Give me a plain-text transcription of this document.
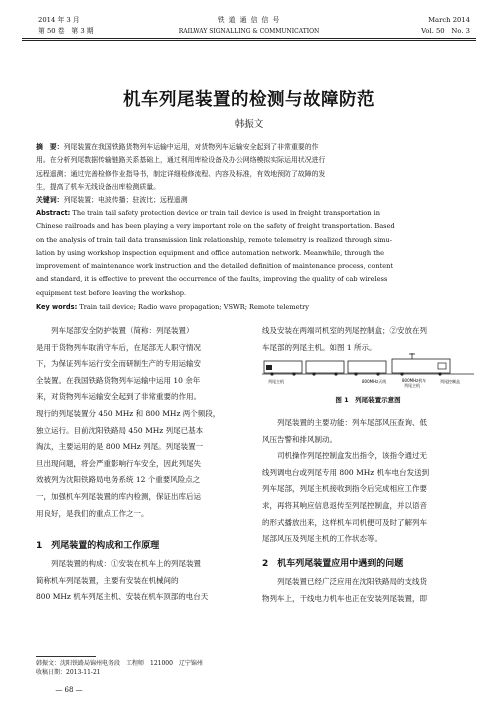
2014 年 3 月
第 50 卷　第 3 期
铁 道 通 信 信 号
RAILWAY SIGNALLING & COMMUNICATION
March 2014
Vol. 50　No. 3
机车列尾装置的检测与故障防范
韩振文
摘　要：列尾装置在我国铁路货物列车运输中运用，对货物列车运输安全起到了非常重要的作
用。在分析列尾数据传输链路关系基础上，通过利用库检设备及办公网络模拟实际运用状况进行
远程遥测；通过完善检修作业指导书，制定详细检修流程、内容及标准，有效地预防了故障的发
生，提高了机车无线设备出库检测质量。
关键词：列尾装置；电波传播；驻波比；远程遥测
Abstract: The train tail safety protection device or train tail device is used in freight transportation in
Chinese railroads and has been playing a very important role on the safety of freight transportation. Based
on the analysis of train tail data transmission link relationship, remote telemetry is realized through simu-
lation by using workshop inspection equipment and office automation network. Meanwhile, through the
improvement of maintenance work instruction and the detailed definition of maintenance process, content
and standard, it is effective to prevent the occurrence of the faults, improving the quality of cab wireless
equipment test before leaving the workshop.
Key words: Train tail device; Radio wave propagation; VSWR; Remote telemetry
列车尾部安全防护装置（简称：列尾装置）
是用于货物列车取消守车后，在尾部无人职守情况
下，为保证列车运行安全而研制生产的专用运输安
全装置。在我国铁路货物列车运输中运用 10 余年
来，对货物列车运输安全起到了非常重要的作用。
现行的列尾装置分 450 MHz 和 800 MHz 两个频段，
独立运行。目前沈阳铁路局 450 MHz 列尾已基本
淘汰，主要运用的是 800 MHz 列尾。列尾装置一
旦出现问题，将会严重影响行车安全，因此列尾失
效被列为沈阳铁路局电务系统 12 个重要风险点之
一，加强机车列尾装置的库内检测，保证出库后运
用良好，是我们的重点工作之一。
1　列尾装置的构成和工作原理
列尾装置的构成：①安装在机车上的列尾装置
简称机车列尾装置，主要有安装在机械间的
800 MHz 机车列尾主机、安装在机车顶部的电台天
线及安装在两端司机室的列尾控制盒；②安放在列
车尾部的列尾主机。如图 1 所示。
列尾主机	800MHz天线	800MHz机车
列尾主机
列尾控制盒
图 1　列尾装置示意图
列尾装置的主要功能：列车尾部风压查询、低
风压告警和排风制动。
司机操作列尾控制盒发出指令，该指令通过无
线列调电台或列尾专用 800 MHz 机车电台发送到
列车尾部，列尾主机接收到指令后完成相应工作要
求，再将其响应信息返传至列尾控制盒，并以语音
的形式播放出来，这样机车司机便可及时了解列车
尾部风压及列尾主机的工作状态等。
2　机车列尾装置应用中遇到的问题
列尾装置已经广泛应用在沈阳铁路局的支线货
物列车上，干线电力机车也正在安装列尾装置，即
韩振文：沈阳铁路局锦州电务段　工程师　121000　辽宁锦州
收稿日期：2013-11-21
— 68 —
